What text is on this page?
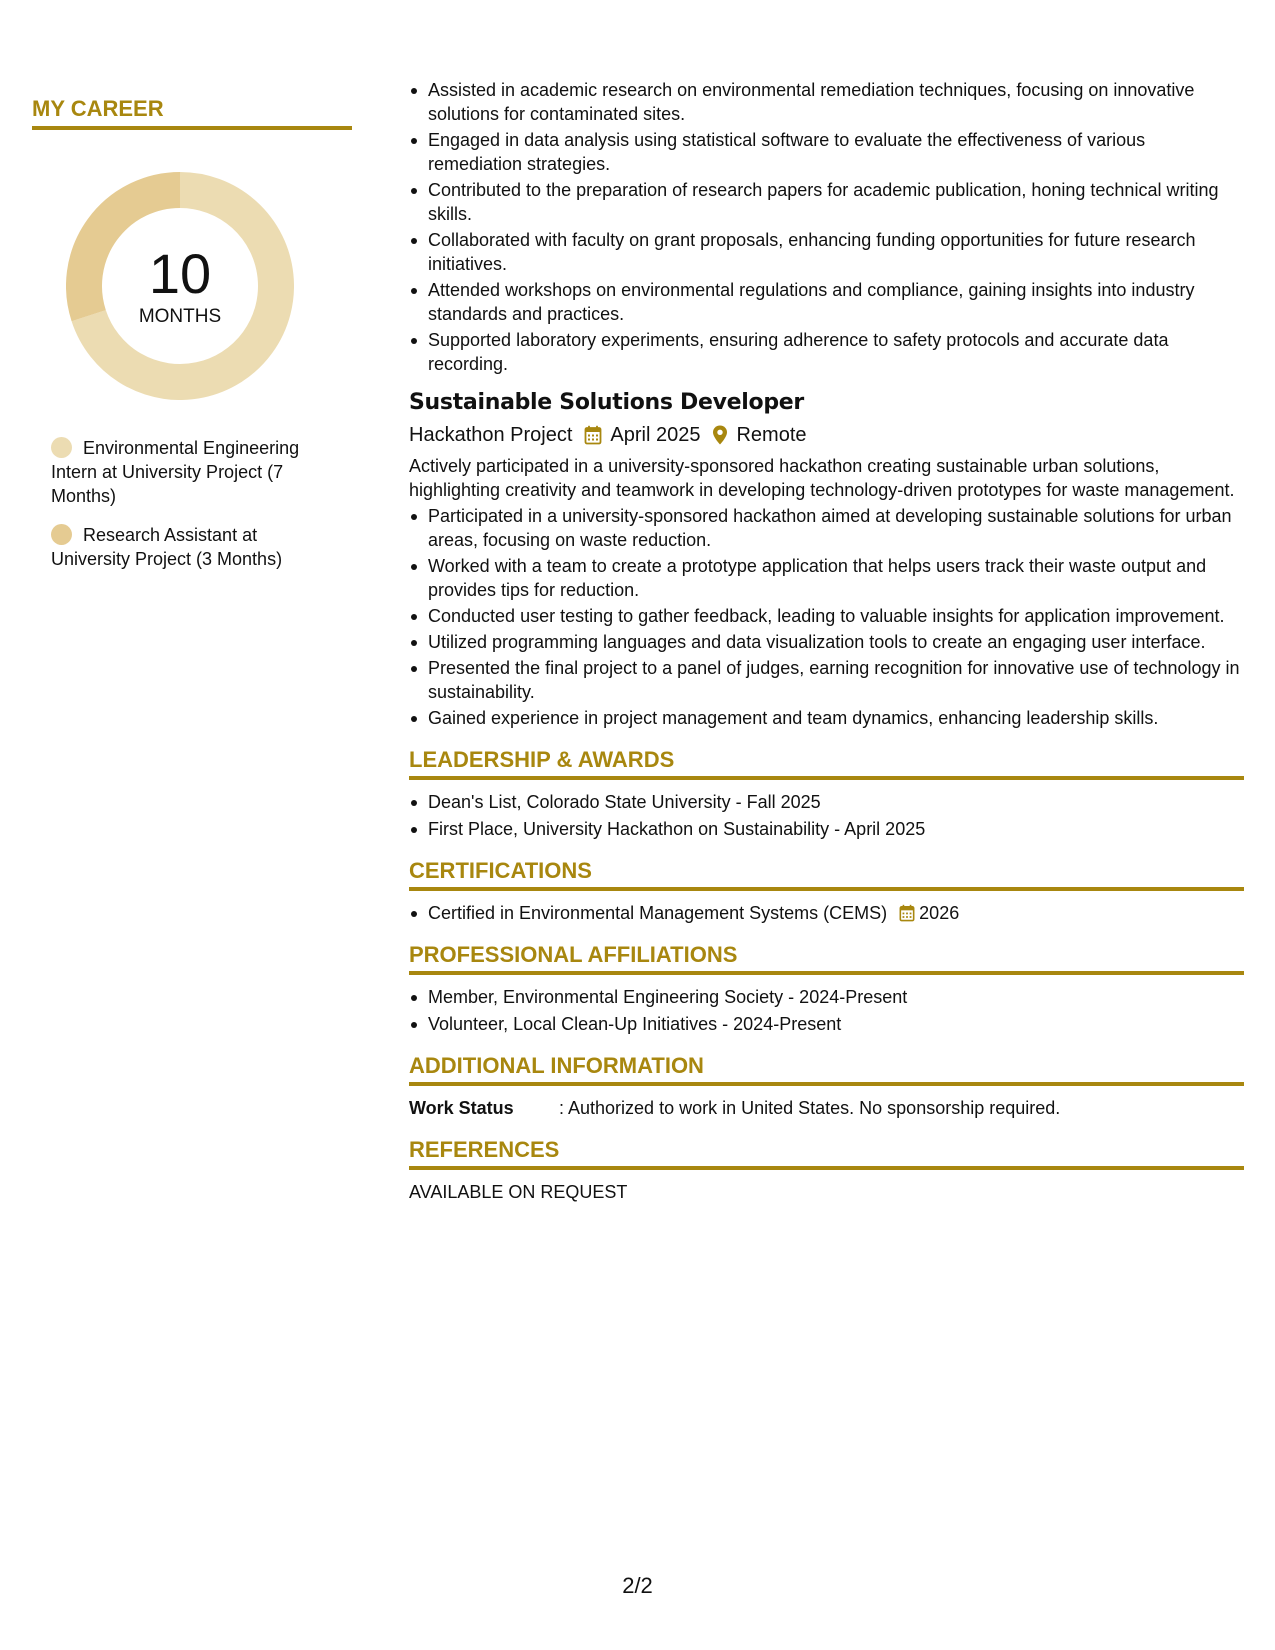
MY CAREER
10
MONTHS
Environmental Engineering Intern at University Project (7 Months)
Research Assistant at University Project (3 Months)
Assisted in academic research on environmental remediation techniques, focusing on innovative solutions for contaminated sites.
Engaged in data analysis using statistical software to evaluate the effectiveness of various remediation strategies.
Contributed to the preparation of research papers for academic publication, honing technical writing skills.
Collaborated with faculty on grant proposals, enhancing funding opportunities for future research initiatives.
Attended workshops on environmental regulations and compliance, gaining insights into industry standards and practices.
Supported laboratory experiments, ensuring adherence to safety protocols and accurate data recording.
Sustainable Solutions Developer
Hackathon Project April 2025 Remote
Actively participated in a university-sponsored hackathon creating sustainable urban solutions, highlighting creativity and teamwork in developing technology-driven prototypes for waste management.
Participated in a university-sponsored hackathon aimed at developing sustainable solutions for urban areas, focusing on waste reduction.
Worked with a team to create a prototype application that helps users track their waste output and provides tips for reduction.
Conducted user testing to gather feedback, leading to valuable insights for application improvement.
Utilized programming languages and data visualization tools to create an engaging user interface.
Presented the final project to a panel of judges, earning recognition for innovative use of technology in sustainability.
Gained experience in project management and team dynamics, enhancing leadership skills.
LEADERSHIP & AWARDS
Dean's List, Colorado State University - Fall 2025
First Place, University Hackathon on Sustainability - April 2025
CERTIFICATIONS
Certified in Environmental Management Systems (CEMS) 2026
PROFESSIONAL AFFILIATIONS
Member, Environmental Engineering Society - 2024-Present
Volunteer, Local Clean-Up Initiatives - 2024-Present
ADDITIONAL INFORMATION
Work Status	: Authorized to work in United States. No sponsorship required.
REFERENCES
AVAILABLE ON REQUEST
2/2
